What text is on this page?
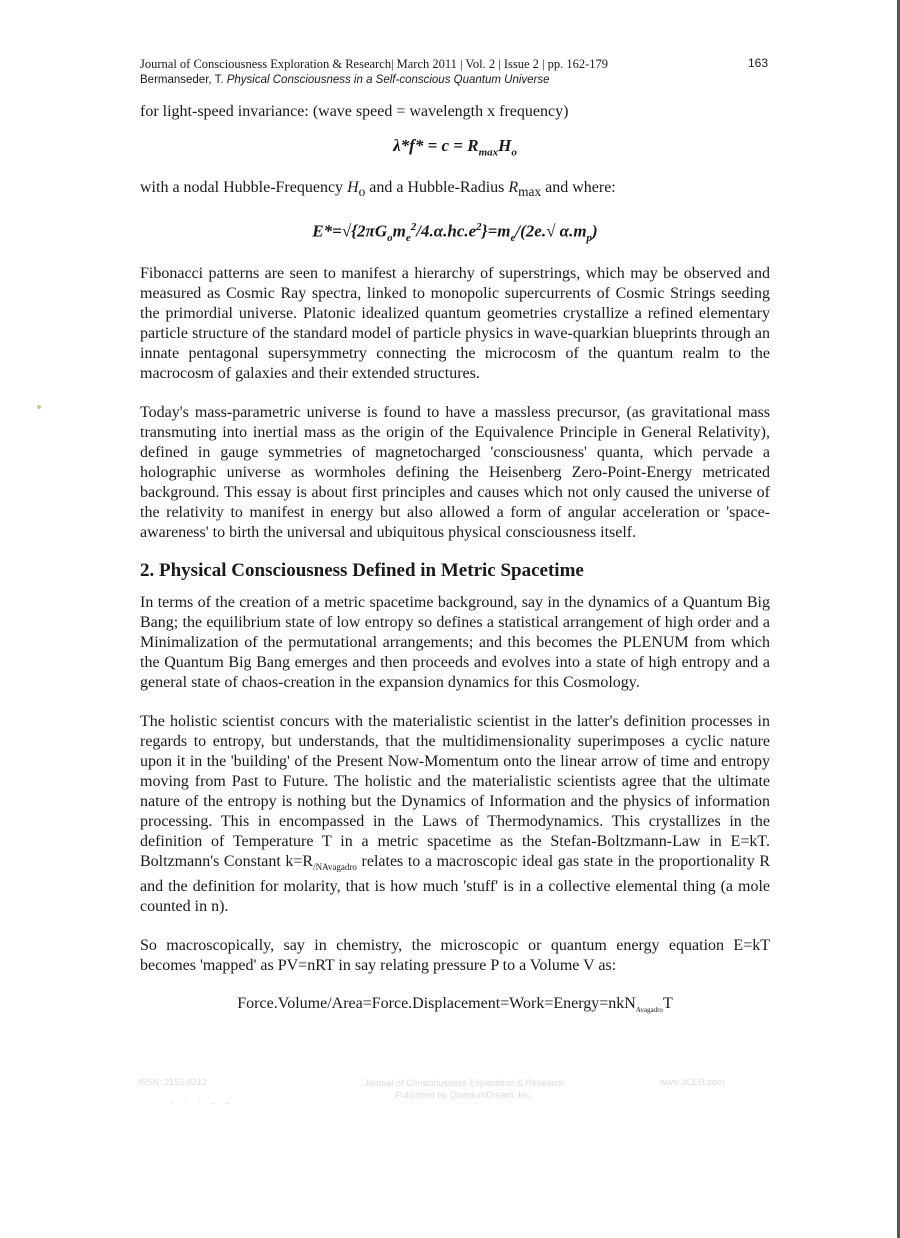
Journal of Consciousness Exploration & Research| March 2011 | Vol. 2 | Issue 2 | pp. 162-179
Bermanseder, T. Physical Consciousness in a Self-conscious Quantum Universe
163

for light-speed invariance: (wave speed = wavelength x frequency)

$\lambda*f* = c = R_{max}H_o$

with a nodal Hubble-Frequency $H_o$ and a Hubble-Radius $R_{max}$ and where:

$E*=√\{2\pi G_om_e^2/4.\alpha.hc.e^2\}=m_e/(2e.√$ $\alpha.m_p$)

Fibonacci patterns are seen to manifest a hierarchy of superstrings, which may be observed and measured as Cosmic Ray spectra, linked to monopolic supercurrents of Cosmic Strings seeding the primordial universe. Platonic idealized quantum geometries crystallize a refined elementary particle structure of the standard model of particle physics in wave-quarkian blueprints through an innate pentagonal supersymmetry connecting the microcosm of the quantum realm to the macrocosm of galaxies and their extended structures.

Today's mass-parametric universe is found to have a massless precursor, (as gravitational mass transmuting into inertial mass as the origin of the Equivalence Principle in General Relativity), defined in gauge symmetries of magnetocharged 'consciousness' quanta, which pervade a holographic universe as wormholes defining the Heisenberg Zero-Point-Energy metricated background. This essay is about first principles and causes which not only caused the universe of the relativity to manifest in energy but also allowed a form of angular acceleration or 'space-awareness' to birth the universal and ubiquitous physical consciousness itself.

2. Physical Consciousness Defined in Metric Spacetime

In terms of the creation of a metric spacetime background, say in the dynamics of a Quantum Big Bang; the equilibrium state of low entropy so defines a statistical arrangement of high order and a Minimalization of the permutational arrangements; and this becomes the PLENUM from which the Quantum Big Bang emerges and then proceeds and evolves into a state of high entropy and a general state of chaos-creation in the expansion dynamics for this Cosmology.

The holistic scientist concurs with the materialistic scientist in the latter's definition processes in regards to entropy, but understands, that the multidimensionality superimposes a cyclic nature upon it in the 'building' of the Present Now-Momentum onto the linear arrow of time and entropy moving from Past to Future. The holistic and the materialistic scientists agree that the ultimate nature of the entropy is nothing but the Dynamics of Information and the physics of information processing. This in encompassed in the Laws of Thermodynamics. This crystallizes in the definition of Temperature T in a metric spacetime as the Stefan-Boltzmann-Law in E=kT. Boltzmann's Constant $k=R_{/NAvagadro}$ relates to a macroscopic ideal gas state in the proportionality R and the definition for molarity, that is how much 'stuff' is in a collective elemental thing (a mole counted in n).

So macroscopically, say in chemistry, the microscopic or quantum energy equation E=kT becomes 'mapped' as PV=nRT in say relating pressure P to a Volume V as:

Force.Volume/Area=Force.Displacement=Work=Energy=nkN$_{Avagadro}$T

ISSN: 2153-8212	Journal of Consciousness Exploration & Research
Published by QuantumDream, Inc.
www.JCER.com
· · ˙ ‐ ‐
